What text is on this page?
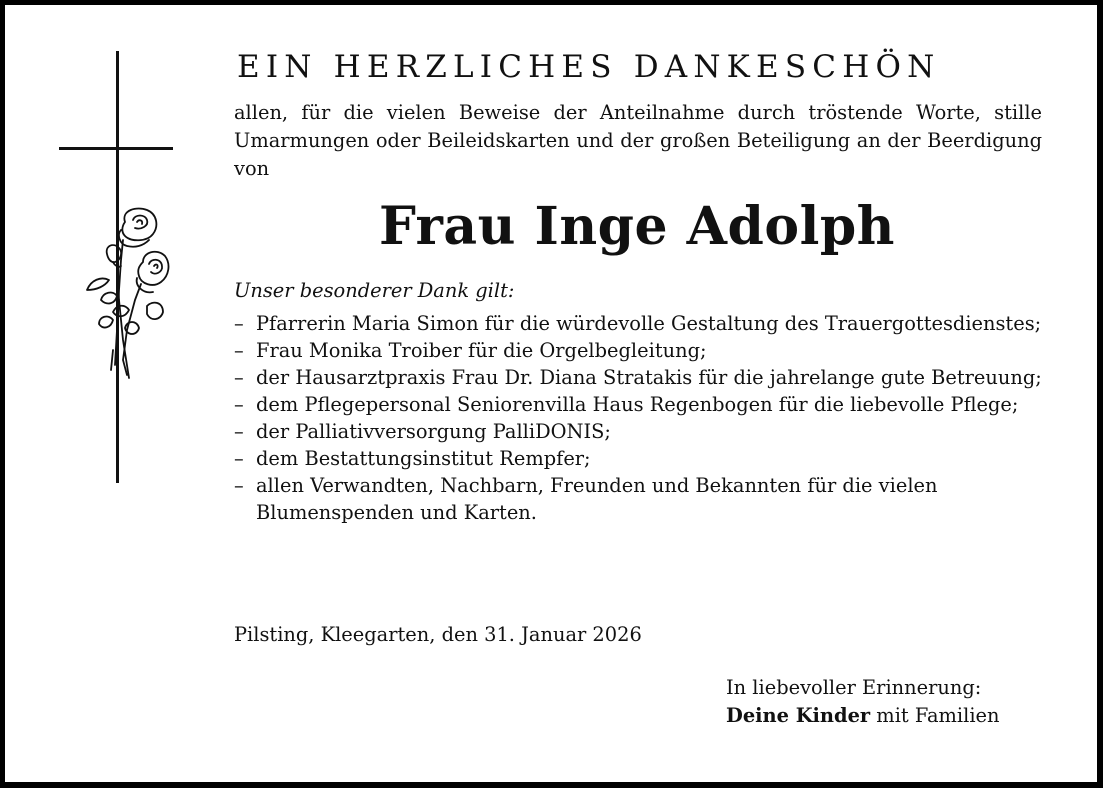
EIN HERZLICHES DANKESCHÖN
allen, für die vielen Beweise der Anteilnahme durch tröstende Worte, stille Umarmungen oder Beileidskarten und der großen Beteiligung an der Beerdigung von
Frau Inge Adolph
Unser besonderer Dank gilt:
– Pfarrerin Maria Simon für die würdevolle Gestaltung des Trauergottesdienstes;
– Frau Monika Troiber für die Orgelbegleitung;
– der Hausarztpraxis Frau Dr. Diana Stratakis für die jahrelange gute Betreuung;
– dem Pflegepersonal Seniorenvilla Haus Regenbogen für die liebevolle Pflege;
– der Palliativversorgung PalliDONIS;
– dem Bestattungsinstitut Rempfer;
– allen Verwandten, Nachbarn, Freunden und Bekannten für die vielen Blumenspenden und Karten.
Pilsting, Kleegarten, den 31. Januar 2026
In liebevoller Erinnerung:
Deine Kinder mit Familien
